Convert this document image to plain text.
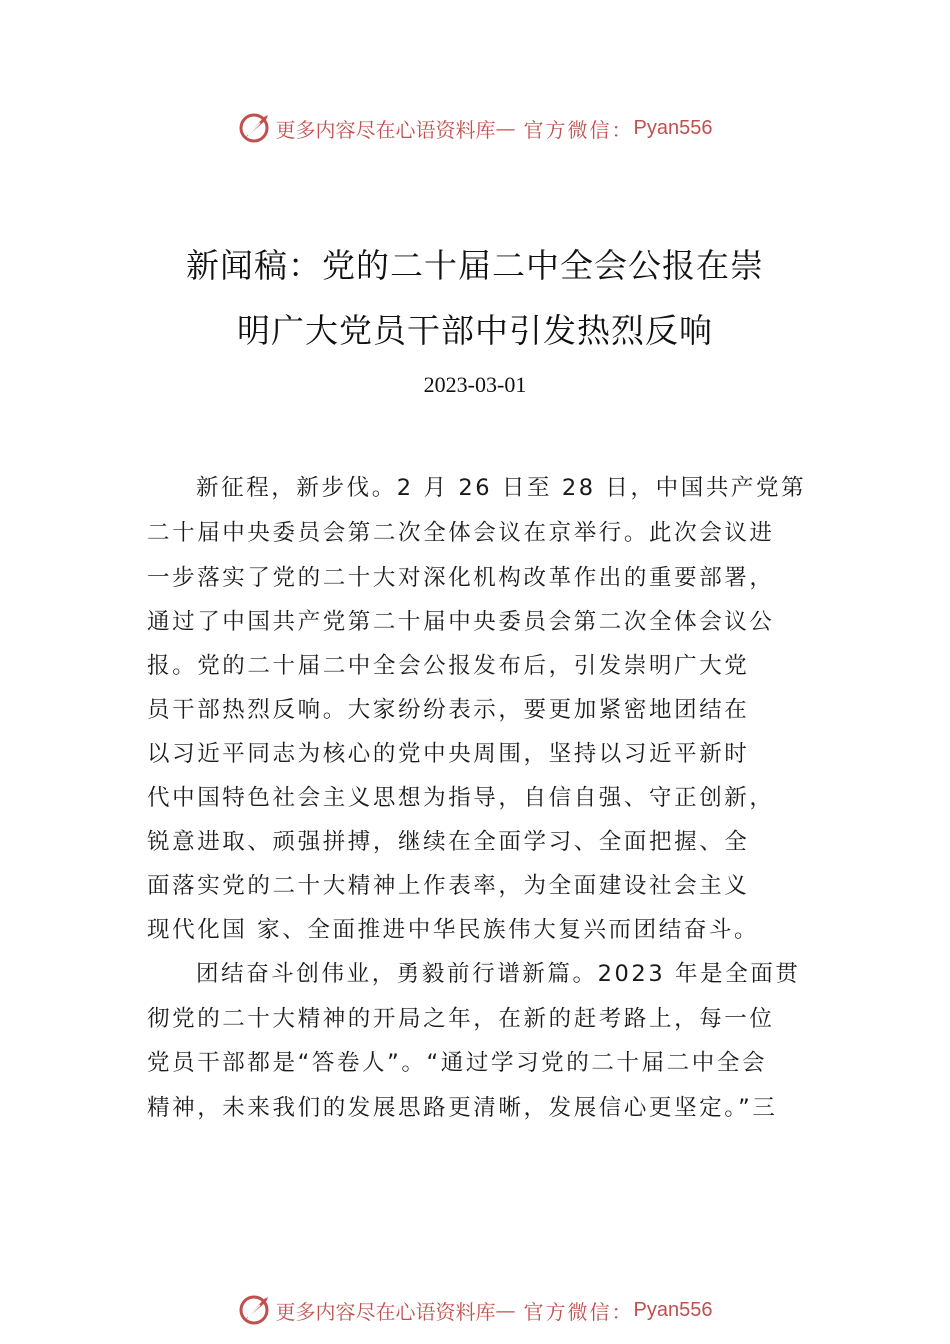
更多内容尽在心语资料库 — 官方微信： Pyan556
新闻稿：党的二十届二中全会公报在崇
明广大党员干部中引发热烈反响
2023-03-01
新征程，新步伐。2 月 26 日至 28 日，中国共产党第
二十届中央委员会第二次全体会议在京举行。此次会议进
一步落实了党的二十大对深化机构改革作出的重要部署，
通过了中国共产党第二十届中央委员会第二次全体会议公
报。党的二十届二中全会公报发布后，引发崇明广大党
员干部热烈反响。大家纷纷表示，要更加紧密地团结在
以习近平同志为核心的党中央周围，坚持以习近平新时
代中国特色社会主义思想为指导，自信自强、守正创新，
锐意进取、顽强拼搏，继续在全面学习、全面把握、全
面落实党的二十大精神上作表率，为全面建设社会主义
现代化国 家、全面推进中华民族伟大复兴而团结奋斗。
团结奋斗创伟业，勇毅前行谱新篇。2023 年是全面贯
彻党的二十大精神的开局之年，在新的赶考路上，每一位
党员干部都是“答卷人”。“通过学习党的二十届二中全会
精神，未来我们的发展思路更清晰，发展信心更坚定。”三
更多内容尽在心语资料库 — 官方微信： Pyan556
